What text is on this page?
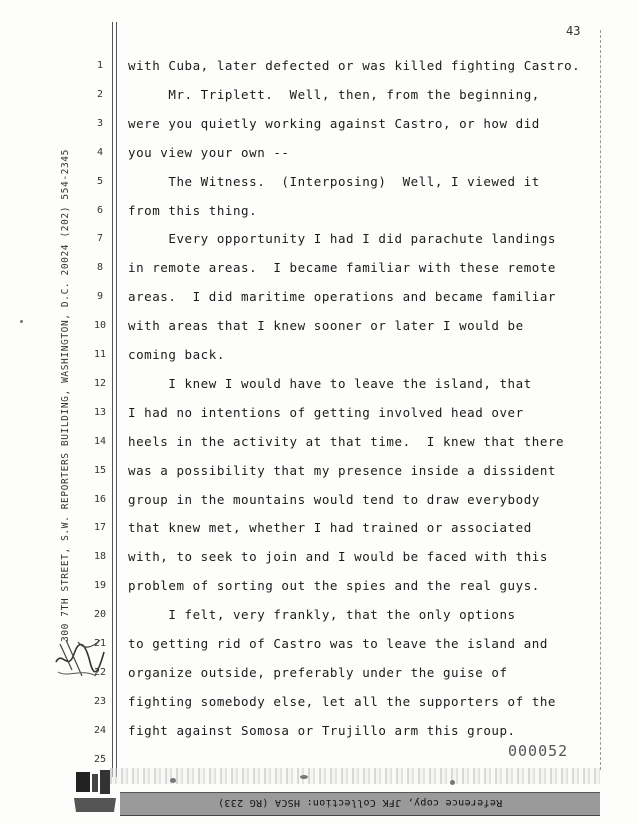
43
300 7TH STREET, S.W. REPORTERS BUILDING, WASHINGTON, D.C. 20024 (202) 554-2345
1
2
3
4
5
6
7
8
9
10
11
12
13
14
15
16
17
18
19
20
21
22
23
24
25
with Cuba, later defected or was killed fighting Castro.
Mr. Triplett.  Well, then, from the beginning,
were you quietly working against Castro, or how did
you view your own --
The Witness.  (Interposing)  Well, I viewed it
from this thing.
Every opportunity I had I did parachute landings
in remote areas.  I became familiar with these remote
areas.  I did maritime operations and became familiar
with areas that I knew sooner or later I would be
coming back.
I knew I would have to leave the island, that
I had no intentions of getting involved head over
heels in the activity at that time.  I knew that there
was a possibility that my presence inside a dissident
group in the mountains would tend to draw everybody
that knew met, whether I had trained or associated
with, to seek to join and I would be faced with this
problem of sorting out the spies and the real guys.
I felt, very frankly, that the only options
to getting rid of Castro was to leave the island and
organize outside, preferably under the guise of
fighting somebody else, let all the supporters of the
fight against Somosa or Trujillo arm this group.
000052
Reference copy, JFK Collection: HSCA (RG 233)
